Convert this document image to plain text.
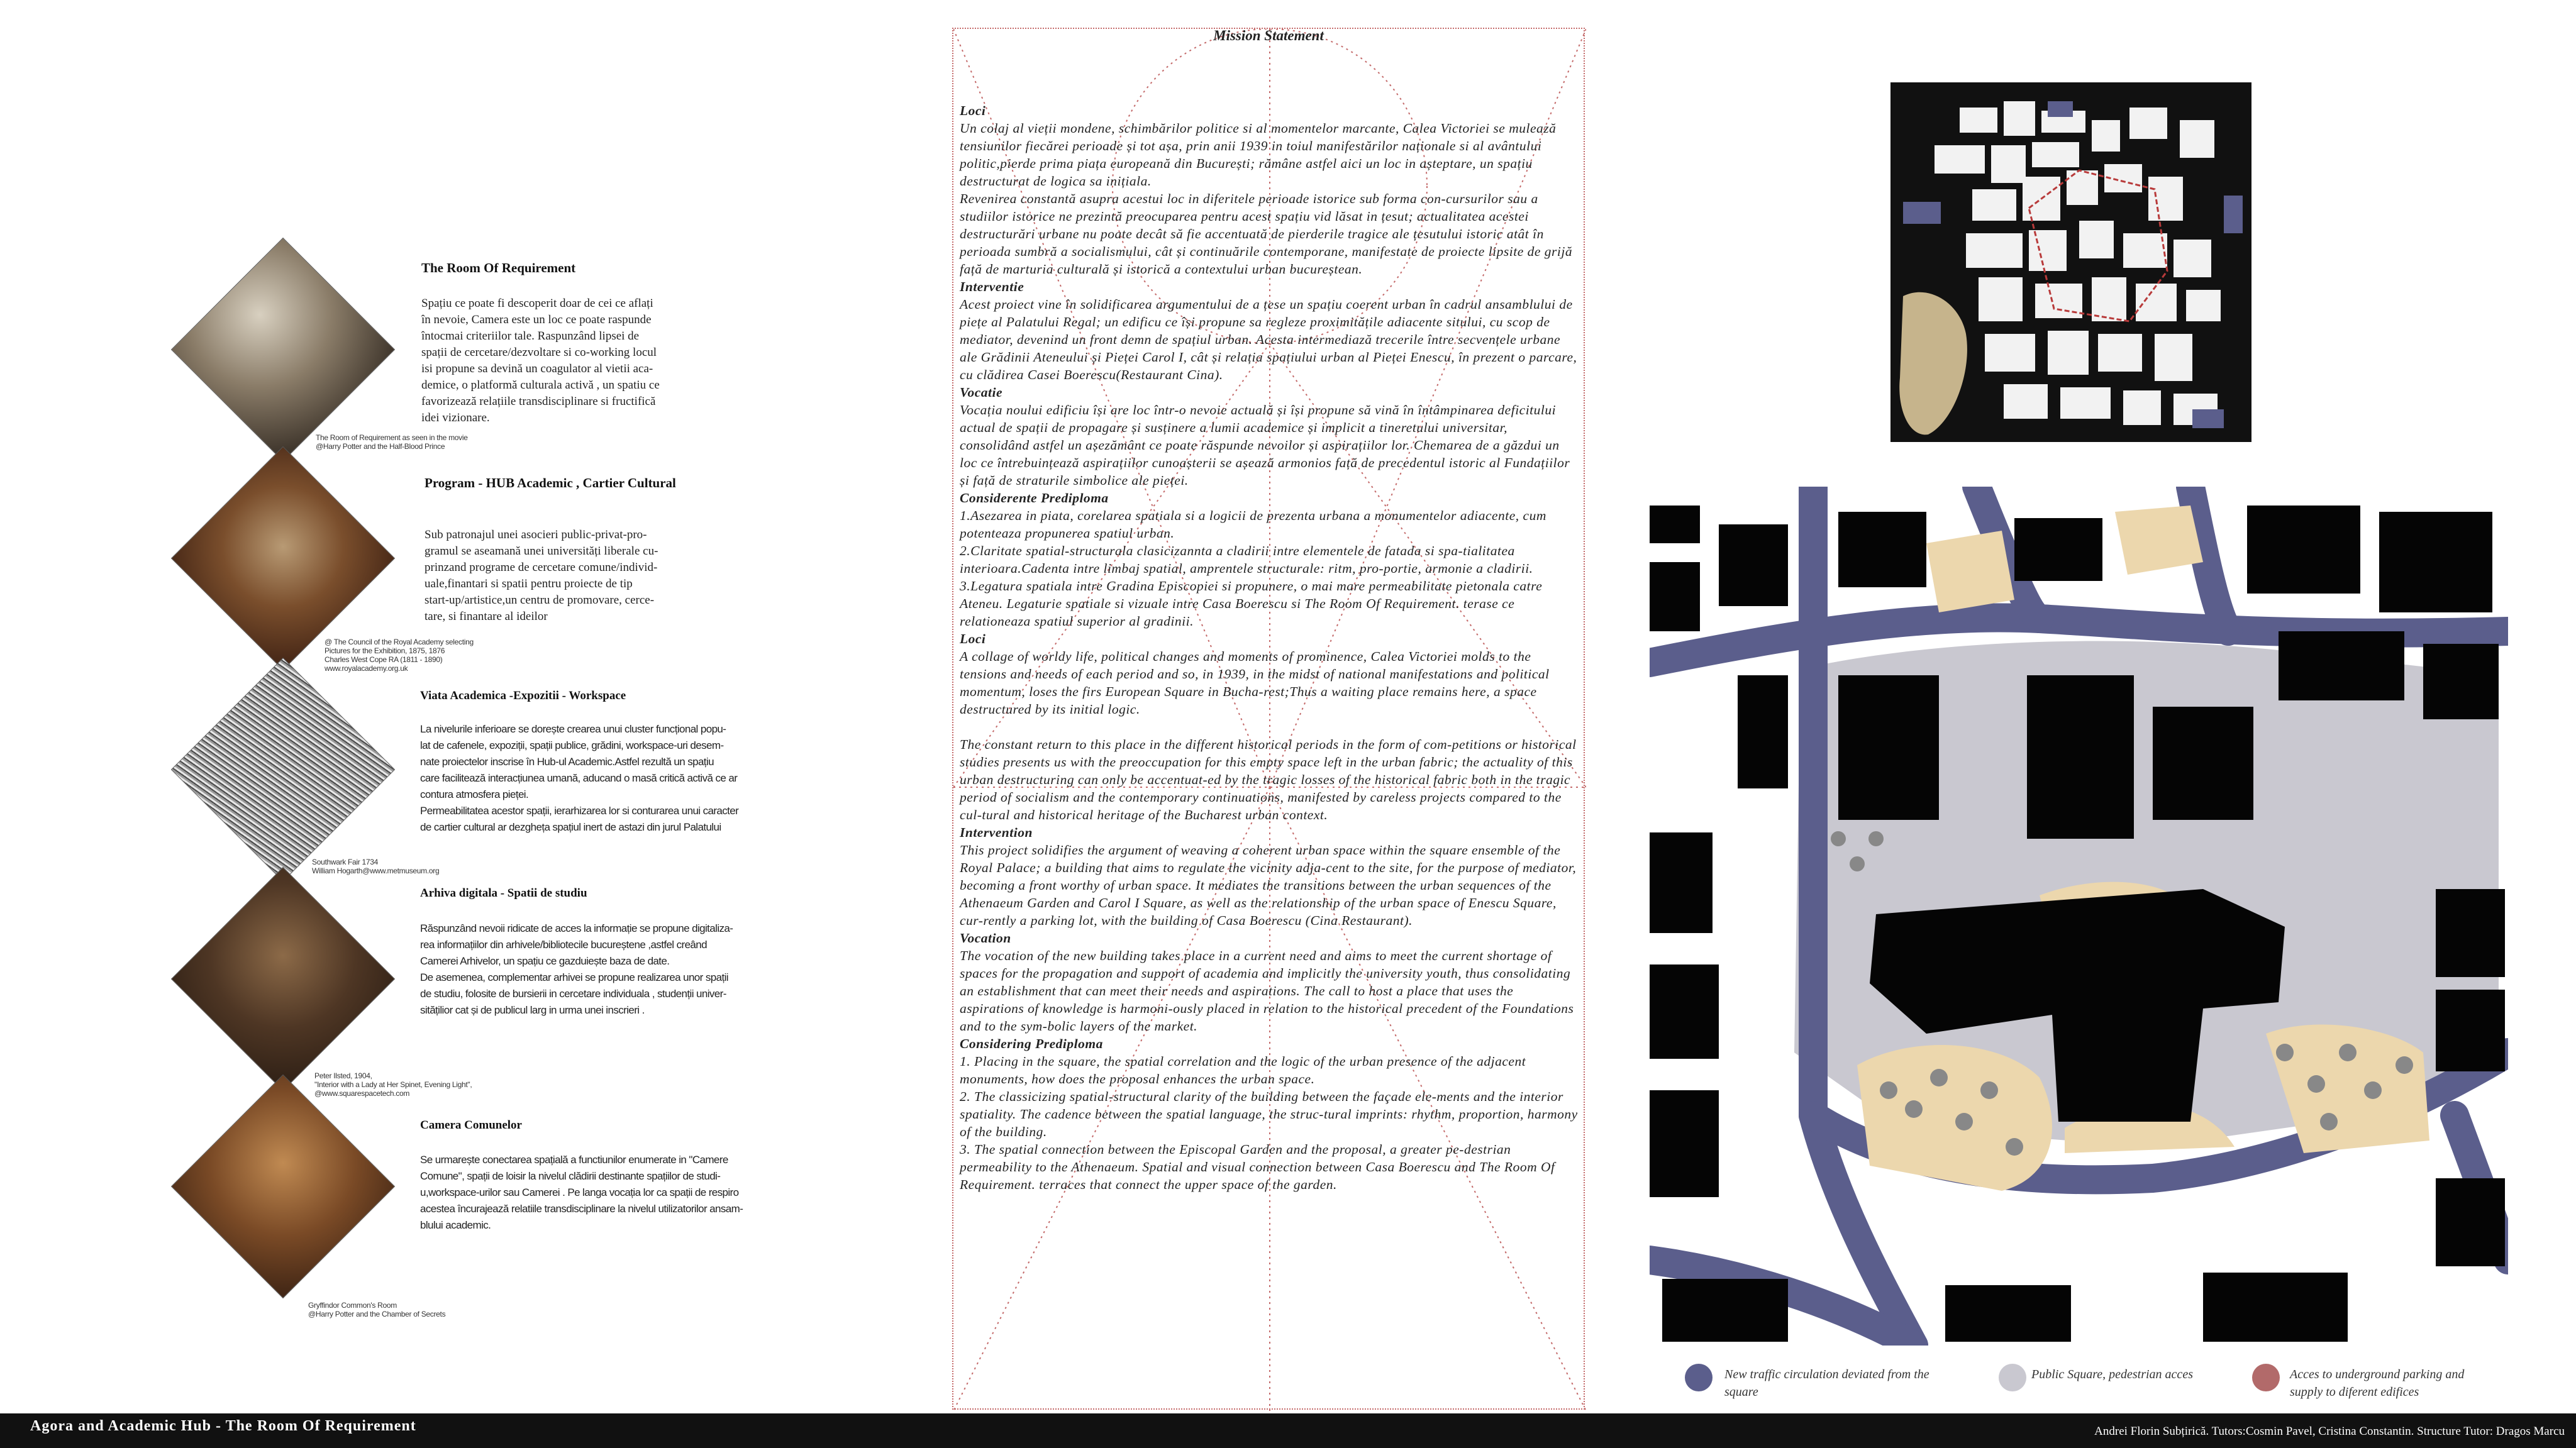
The Room Of Requirement
Spațiu ce poate fi descoperit doar de cei ce aflați
în nevoie, Camera este un loc ce poate raspunde
întocmai criteriilor tale. Raspunzând lipsei de
spații de cercetare/dezvoltare si co-working locul
isi propune sa devină un coagulator al vietii aca-
demice, o platformă culturala activă , un spatiu ce
favorizează relațiile transdisciplinare si fructifică
idei vizionare.
The Room of Requirement as seen in the movie
@Harry Potter and the Half-Blood Prince
Program - HUB Academic , Cartier Cultural
Sub patronajul unei asocieri public-privat-pro-
gramul se aseamană unei universități liberale cu-
prinzand programe de cercetare comune/individ-
uale,finantari si spatii pentru proiecte de tip
start-up/artistice,un centru de promovare, cerce-
tare, si finantare al ideilor
@ The Council of the Royal Academy selecting
Pictures for the Exhibition, 1875, 1876
Charles West Cope RA (1811 - 1890)
www.royalacademy.org.uk
Viata Academica -Expozitii - Workspace
La nivelurile inferioare se dorește crearea unui cluster funcțional popu-
lat de cafenele, expoziții, spații publice, grădini, workspace-uri desem-
nate proiectelor inscrise în Hub-ul Academic.Astfel rezultă un spațiu
care facilitează interacțiunea umană, aducand o masă critică activă ce ar
contura atmosfera pieței.
Permeabilitatea acestor spații, ierarhizarea lor si conturarea unui caracter
de cartier cultural ar dezgheța spațiul inert de astazi din jurul Palatului
Southwark Fair 1734
William Hogarth@www.metmuseum.org
Arhiva digitala - Spatii de studiu
Răspunzând nevoii ridicate de acces la informație se propune digitaliza-
rea informațiilor din arhivele/bibliotecile bucureștene ,astfel creând
Camerei Arhivelor, un spațiu ce gazduiește baza de date.
De asemenea, complementar arhivei se propune realizarea unor spații
de studiu, folosite de bursierii in cercetare individuala , studenții univer-
sitățilior cat și de publicul larg in urma unei inscrieri .
Peter Ilsted, 1904,
"Interior with a Lady at Her Spinet, Evening Light",
@www.squarespacetech.com
Camera Comunelor
Se urmarește conectarea spațială a functiunilor enumerate in "Camere
Comune", spații de loisir la nivelul clădirii destinante spațiilor de studi-
u,workspace-urilor sau Camerei . Pe langa vocația lor ca spații de respiro
acestea încurajează relatiile transdisciplinare la nivelul utilizatorilor ansam-
blului academic.
Gryffindor Common's Room
@Harry Potter and the Chamber of Secrets
Mission Statement
Loci
Un colaj al vieții mondene, schimbărilor politice si al momentelor marcante, Calea Victoriei se mulează tensiunilor fiecărei perioade și tot așa, prin anii 1939 in toiul manifestărilor naționale si al avântului politic,pierde prima piața europeană din București; rămâne astfel aici un loc in așteptare, un spațiu destructurat de logica sa inițiala.
Revenirea constantă asupra acestui loc in diferitele perioade istorice sub forma con-cursurilor sau a studiilor istorice ne prezintă preocuparea pentru acest spațiu vid lăsat in țesut; actualitatea acestei destructurări urbane nu poate decât să fie accentuată de pierderile tragice ale țesutului istoric atât în perioada sumbră a socialismului, cât și continuările contemporane, manifestate de proiecte lipsite de grijă față de marturia culturală și istorică a contextului urban bucureștean.
Interventie
Acest proiect vine în solidificarea argumentului de a țese un spațiu coerent urban în cadrul ansamblului de piețe al Palatului Regal; un edificu ce își propune sa regleze proximitățile adiacente sitului, cu scop de mediator, devenind un front demn de spațiul urban. Acesta intermediază trecerile între secvențele urbane ale Grădinii Ateneului și Pieței Carol I, cât și relația spațiului urban al Pieței Enescu, în prezent o parcare, cu clădirea Casei Boerescu(Restaurant Cina).
Vocatie
Vocația noului edificiu își are loc într-o nevoie actuală și își propune să vină în întâmpinarea deficitului actual de spații de propagare și susținere a lumii academice și implicit a tineretului universitar, consolidând astfel un așezământ ce poate răspunde nevoilor și aspirațiilor lor. Chemarea de a găzdui un loc ce întrebuințează aspirațiilor cunoașterii se așează armonios față de precedentul istoric al Fundațiilor și față de straturile simbolice ale pieței.
Considerente Prediploma
1.Asezarea in piata, corelarea spatiala si a logicii de prezenta urbana a monumentelor adiacente, cum potenteaza propunerea spatiul urban.
2.Claritate spatial-structurala clasicizannta a cladirii intre elementele de fatada si spa-tialitatea interioara.Cadenta intre limbaj spatial, amprentele structurale: ritm, pro-portie, armonie a cladirii.
3.Legatura spatiala intre Gradina Episcopiei si propunere, o mai mare permeabilitate pietonala catre Ateneu. Legaturie spatiale si vizuale intre Casa Boerescu si The Room Of Requirement. terase ce relationeaza spatiul superior al gradinii.
Loci
A collage of worldy life, political changes and moments of prominence, Calea Victoriei molds to the tensions and needs of each period and so, in 1939, in the midst of national manifestations and political momentum, loses the firs European Square in Bucha-rest;Thus a waiting place remains here, a space destructured by its initial logic.

The constant return to this place in the different historical periods in the form of com-petitions or historical studies presents us with the preoccupation for this empty space left in the urban fabric; the actuality of this urban destructuring can only be accentuat-ed by the tragic losses of the historical fabric both in the tragic period of socialism and the contemporary continuations, manifested by careless projects compared to the cul-tural and historical heritage of the Bucharest urban context.
Intervention
This project solidifies the argument of weaving a coherent urban space within the square ensemble of the Royal Palace; a building that aims to regulate the vicinity adja-cent to the site, for the purpose of mediator, becoming a front worthy of urban space. It mediates the transitions between the urban sequences of the Athenaeum Garden and Carol I Square, as well as the relationship of the urban space of Enescu Square, cur-rently a parking lot, with the building of Casa Boerescu (Cina Restaurant).
Vocation
The vocation of the new building takes place in a current need and aims to meet the current shortage of spaces for the propagation and support of academia and implicitly the university youth, thus consolidating an establishment that can meet their needs and aspirations. The call to host a place that uses the aspirations of knowledge is harmoni-ously placed in relation to the historical precedent of the Foundations and to the sym-bolic layers of the market.
Considering Prediploma
1. Placing in the square, the spatial correlation and the logic of the urban presence of the adjacent monuments, how does the proposal enhances the urban space.
2. The classicizing spatial-structural clarity of the building between the façade ele-ments and the interior spatiality. The cadence between the spatial language, the struc-tural imprints: rhythm, proportion, harmony of the building.
3. The spatial connection between the Episcopal Garden and the proposal, a greater pe-destrian permeability to the Athenaeum. Spatial and visual connection between Casa Boerescu and The Room Of Requirement. terraces that connect the upper space of the garden.
New traffic circulation deviated from the
square
Public Square, pedestrian acces	Acces to underground parking and
supply to diferent edifices
Agora and Academic Hub - The Room Of Requirement	Andrei Florin Subțirică. Tutors:Cosmin Pavel, Cristina Constantin. Structure Tutor: Dragos Marcu
